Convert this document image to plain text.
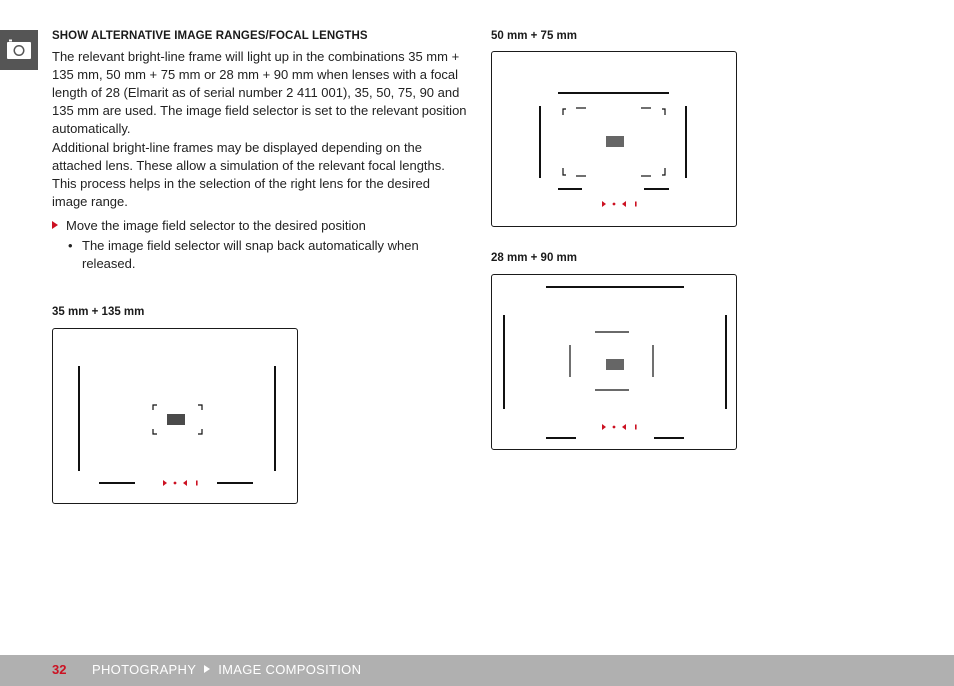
SHOW ALTERNATIVE IMAGE RANGES/FOCAL LENGTHS

The relevant bright-line frame will light up in the combinations 35 mm + 135 mm, 50 mm + 75 mm or 28 mm + 90 mm when lenses with a focal length of 28 (Elmarit as of serial number 2 411 001), 35, 50, 75, 90 and 135 mm are used. The image field selector is set to the relevant position automatically.

Additional bright-line frames may be displayed depending on the attached lens. These allow a simulation of the relevant focal lengths. This process helps in the selection of the right lens for the desired image range.

Move the image field selector to the desired position
• The image field selector will snap back automatically when released.

35 mm + 135 mm

50 mm + 75 mm

28 mm + 90 mm

32 PHOTOGRAPHY IMAGE COMPOSITION
